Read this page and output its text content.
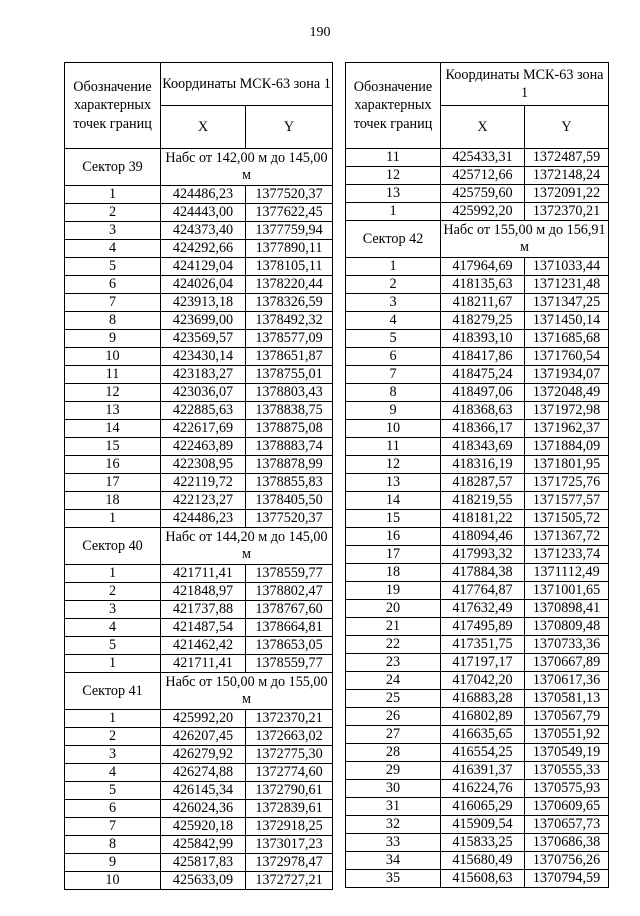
190
Обозначение характерных точек границ	Координаты МСК-63 зона 1	
	X	Y
Сектор 39	Набс от 142,00 м до 145,00 м	
1	424486,23	1377520,37
2	424443,00	1377622,45
3	424373,40	1377759,94
4	424292,66	1377890,11
5	424129,04	1378105,11
6	424026,04	1378220,44
7	423913,18	1378326,59
8	423699,00	1378492,32
9	423569,57	1378577,09
10	423430,14	1378651,87
11	423183,27	1378755,01
12	423036,07	1378803,43
13	422885,63	1378838,75
14	422617,69	1378875,08
15	422463,89	1378883,74
16	422308,95	1378878,99
17	422119,72	1378855,83
18	422123,27	1378405,50
1	424486,23	1377520,37
Сектор 40	Набс от 144,20 м до 145,00 м	
1	421711,41	1378559,77
2	421848,97	1378802,47
3	421737,88	1378767,60
4	421487,54	1378664,81
5	421462,42	1378653,05
1	421711,41	1378559,77
Сектор 41	Набс от 150,00 м до 155,00 м	
1	425992,20	1372370,21
2	426207,45	1372663,02
3	426279,92	1372775,30
4	426274,88	1372774,60
5	426145,34	1372790,61
6	426024,36	1372839,61
7	425920,18	1372918,25
8	425842,99	1373017,23
9	425817,83	1372978,47
10	425633,09	1372727,21
Обозначение характерных точек границ	Координаты МСК-63 зона 1	
	X	Y
11	425433,31	1372487,59
12	425712,66	1372148,24
13	425759,60	1372091,22
1	425992,20	1372370,21
Сектор 42	Набс от 155,00 м до 156,91 м	
1	417964,69	1371033,44
2	418135,63	1371231,48
3	418211,67	1371347,25
4	418279,25	1371450,14
5	418393,10	1371685,68
6	418417,86	1371760,54
7	418475,24	1371934,07
8	418497,06	1372048,49
9	418368,63	1371972,98
10	418366,17	1371962,37
11	418343,69	1371884,09
12	418316,19	1371801,95
13	418287,57	1371725,76
14	418219,55	1371577,57
15	418181,22	1371505,72
16	418094,46	1371367,72
17	417993,32	1371233,74
18	417884,38	1371112,49
19	417764,87	1371001,65
20	417632,49	1370898,41
21	417495,89	1370809,48
22	417351,75	1370733,36
23	417197,17	1370667,89
24	417042,20	1370617,36
25	416883,28	1370581,13
26	416802,89	1370567,79
27	416635,65	1370551,92
28	416554,25	1370549,19
29	416391,37	1370555,33
30	416224,76	1370575,93
31	416065,29	1370609,65
32	415909,54	1370657,73
33	415833,25	1370686,38
34	415680,49	1370756,26
35	415608,63	1370794,59
